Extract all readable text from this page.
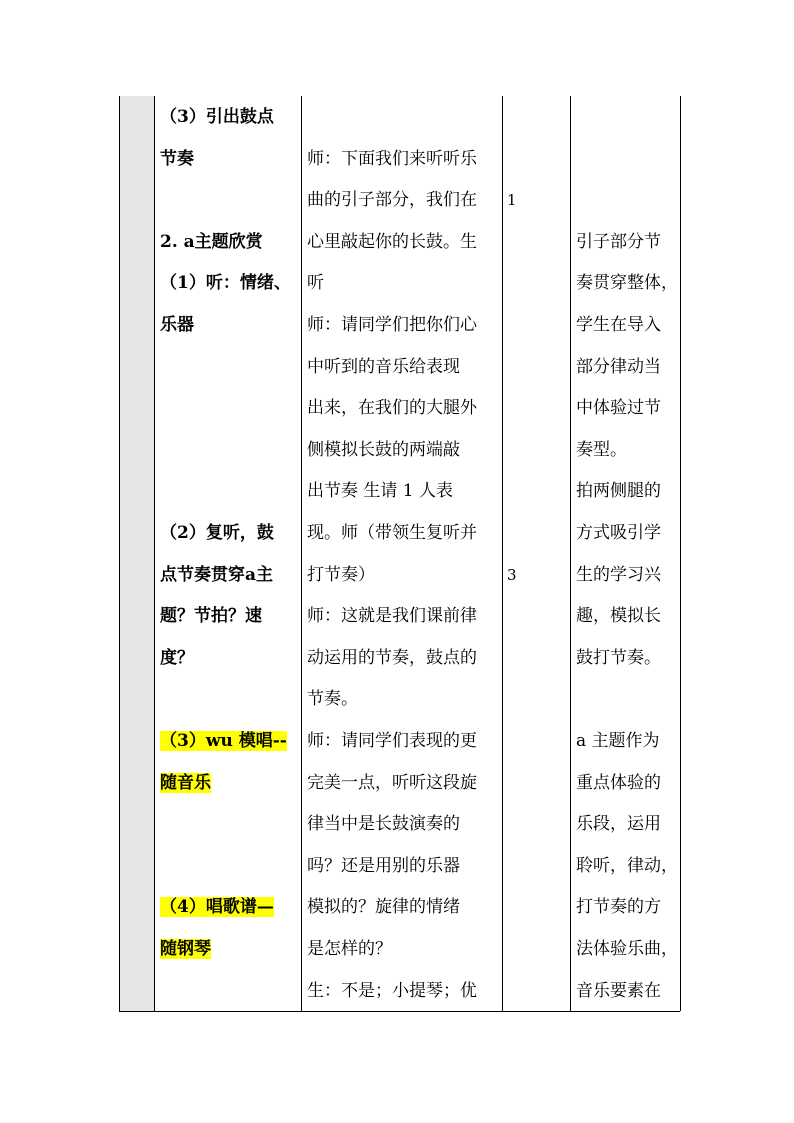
（3）引出鼓点
节奏
2. a主题欣赏
（1）听：情绪、
乐器
（2）复听，鼓
点节奏贯穿a主
题？节拍？速
度？
（3）wu 模唱--
随音乐
（4）唱歌谱—
随钢琴
师：下面我们来听听乐
曲的引子部分，我们在
心里敲起你的长鼓。生
听
师：请同学们把你们心
中听到的音乐给表现
出来，在我们的大腿外
侧模拟长鼓的两端敲
出节奏 生请 1 人表
现。师（带领生复听并
打节奏）
师：这就是我们课前律
动运用的节奏，鼓点的
节奏。
师：请同学们表现的更
完美一点，听听这段旋
律当中是长鼓演奏的
吗？还是用别的乐器
模拟的？旋律的情绪
是怎样的？
生：不是；小提琴；优
1
3
引子部分节
奏贯穿整体，
学生在导入
部分律动当
中体验过节
奏型。
拍两侧腿的
方式吸引学
生的学习兴
趣，模拟长
鼓打节奏。
a 主题作为
重点体验的
乐段，运用
聆听，律动，
打节奏的方
法体验乐曲，
音乐要素在
